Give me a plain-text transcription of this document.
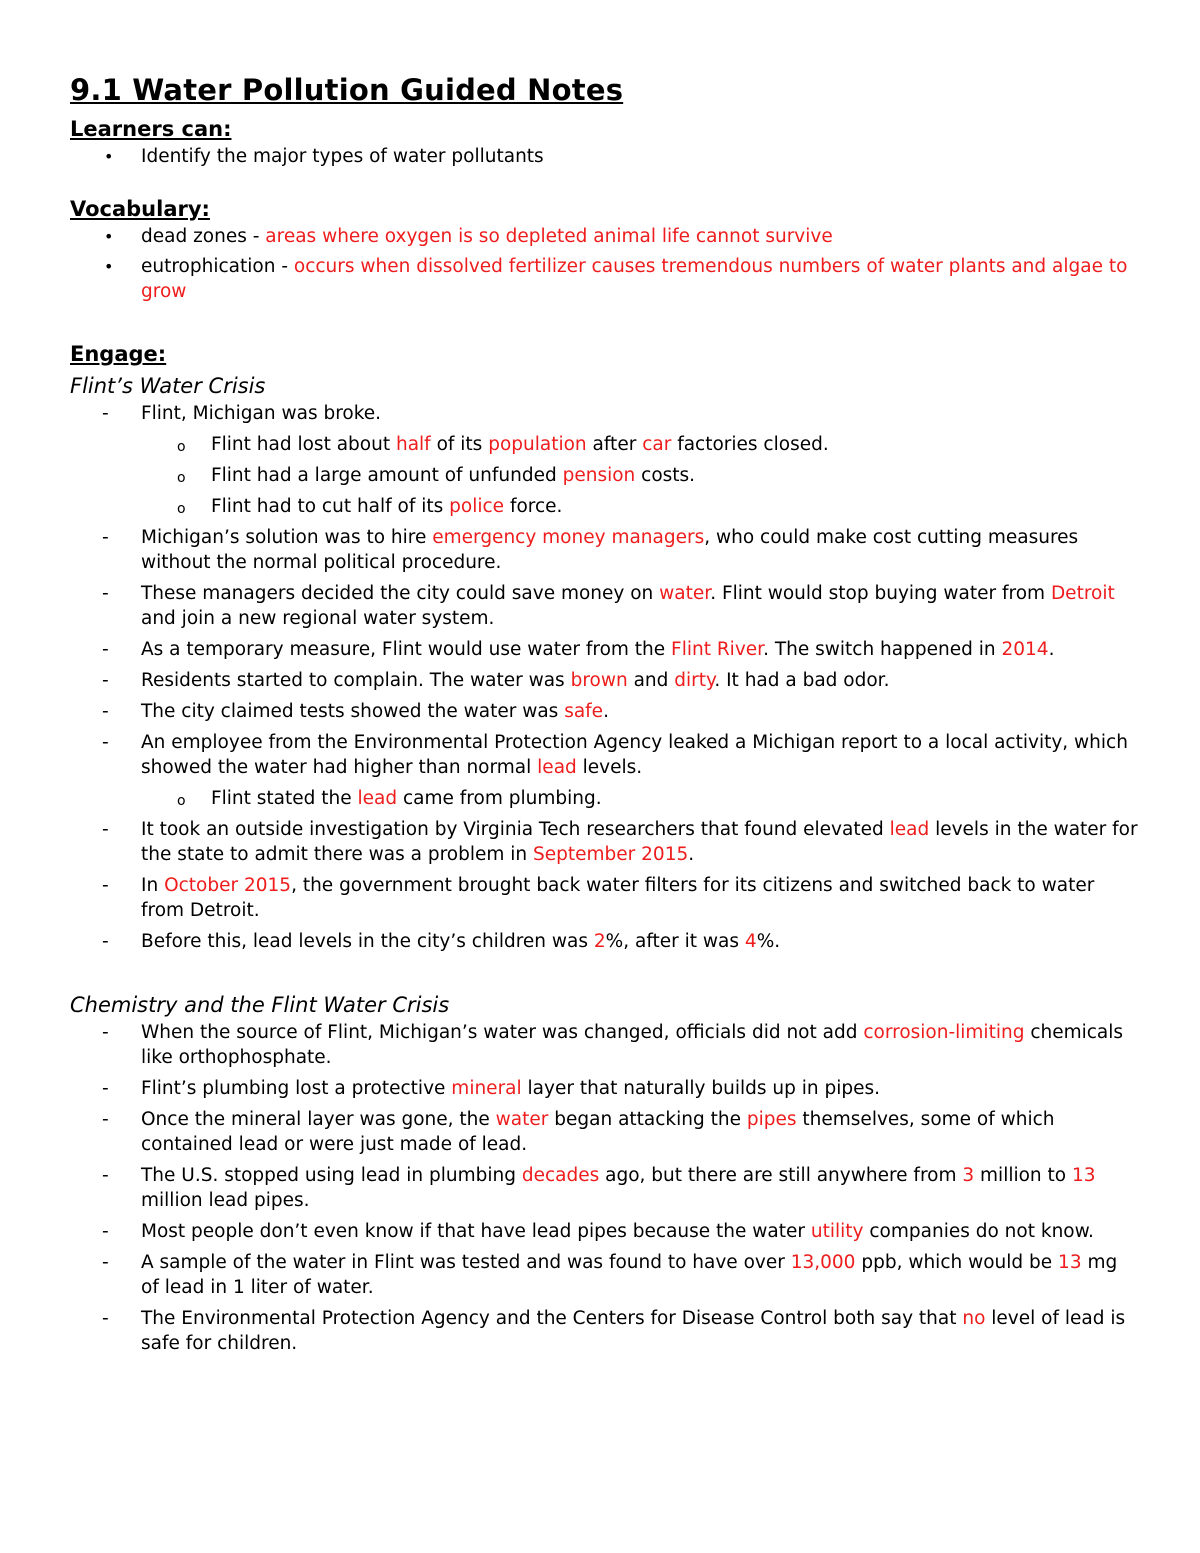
9.1 Water Pollution Guided Notes
Learners can:
• Identify the major types of water pollutants
Vocabulary:
• dead zones - areas where oxygen is so depleted animal life cannot survive
• eutrophication - occurs when dissolved fertilizer causes tremendous numbers of water plants and algae to grow
Engage:
Flint’s Water Crisis
- Flint, Michigan was broke.
o Flint had lost about half of its population after car factories closed.
o Flint had a large amount of unfunded pension costs.
o Flint had to cut half of its police force.
- Michigan’s solution was to hire emergency money managers, who could make cost cutting measures without the normal political procedure.
- These managers decided the city could save money on water. Flint would stop buying water from Detroit and join a new regional water system.
- As a temporary measure, Flint would use water from the Flint River. The switch happened in 2014.
- Residents started to complain. The water was brown and dirty. It had a bad odor.
- The city claimed tests showed the water was safe.
- An employee from the Environmental Protection Agency leaked a Michigan report to a local activity, which showed the water had higher than normal lead levels.
o Flint stated the lead came from plumbing.
- It took an outside investigation by Virginia Tech researchers that found elevated lead levels in the water for the state to admit there was a problem in September 2015.
- In October 2015, the government brought back water filters for its citizens and switched back to water from Detroit.
- Before this, lead levels in the city’s children was 2%, after it was 4%.
Chemistry and the Flint Water Crisis
- When the source of Flint, Michigan’s water was changed, officials did not add corrosion-limiting chemicals like orthophosphate.
- Flint’s plumbing lost a protective mineral layer that naturally builds up in pipes.
- Once the mineral layer was gone, the water began attacking the pipes themselves, some of which contained lead or were just made of lead.
- The U.S. stopped using lead in plumbing decades ago, but there are still anywhere from 3 million to 13 million lead pipes.
- Most people don’t even know if that have lead pipes because the water utility companies do not know.
- A sample of the water in Flint was tested and was found to have over 13,000 ppb, which would be 13 mg of lead in 1 liter of water.
- The Environmental Protection Agency and the Centers for Disease Control both say that no level of lead is safe for children.
